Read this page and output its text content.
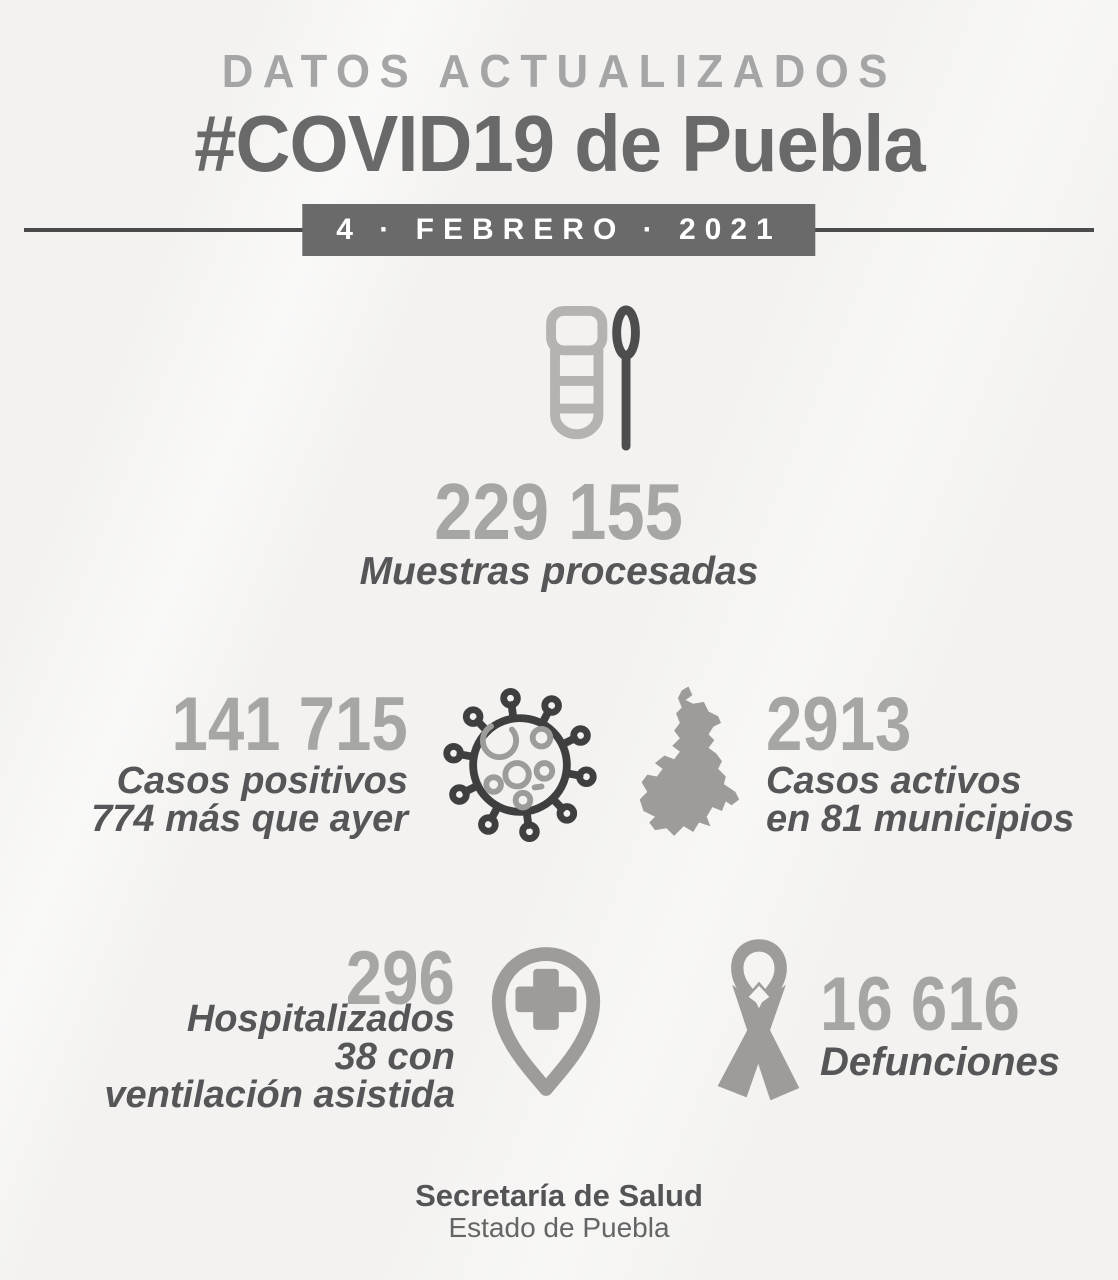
DATOS ACTUALIZADOS
#COVID19 de Puebla
4 · FEBRERO · 2021
229 155
Muestras procesadas
141 715
Casos positivos
774 más que ayer
2913
Casos activos
en 81 municipios
296
Hospitalizados
38 con
ventilación asistida
16 616
Defunciones
Secretaría de Salud
Estado de Puebla
